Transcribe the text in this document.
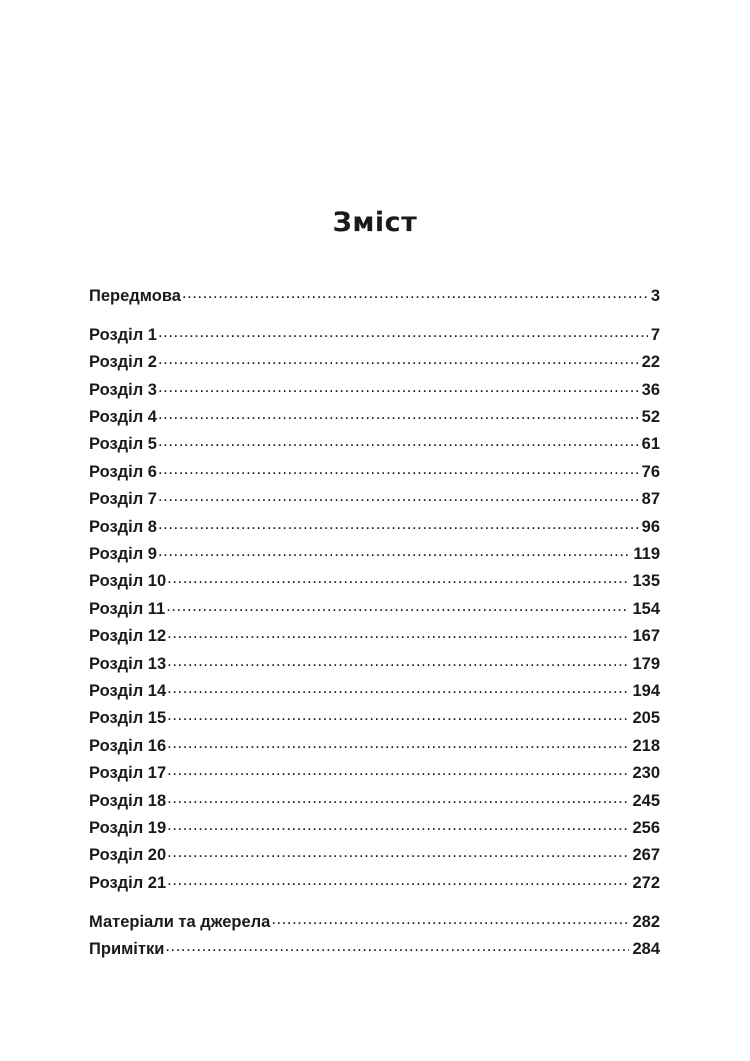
Зміст
Передмова .....	3
Розділ 1 .....	7
Розділ 2 .....	22
Розділ 3 .....	36
Розділ 4 .....	52
Розділ 5 .....	61
Розділ 6 .....	76
Розділ 7 .....	87
Розділ 8 .....	96
Розділ 9 .....	119
Розділ 10 .....	135
Розділ 11 .....	154
Розділ 12 .....	167
Розділ 13 .....	179
Розділ 14 .....	194
Розділ 15 .....	205
Розділ 16 .....	218
Розділ 17 .....	230
Розділ 18 .....	245
Розділ 19 .....	256
Розділ 20 .....	267
Розділ 21 .....	272
Матеріали та джерела .....	282
Примітки .....	284
